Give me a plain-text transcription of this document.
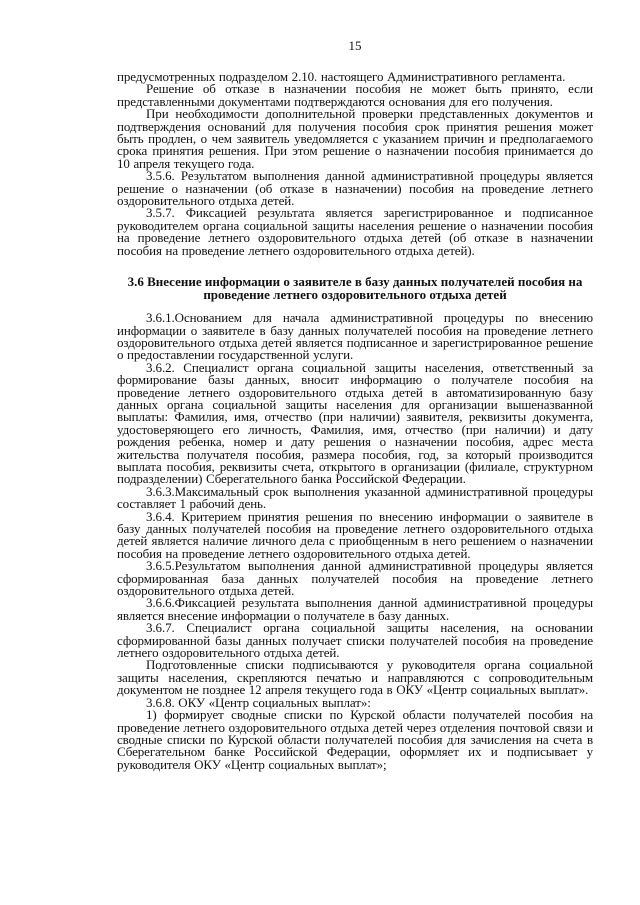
15

предусмотренных подразделом 2.10. настоящего Административного регламента.

Решение об отказе в назначении пособия не может быть принято, если представленными документами подтверждаются основания для его получения.

При необходимости дополнительной проверки представленных документов и подтверждения оснований для получения пособия срок принятия решения может быть продлен, о чем заявитель уведомляется с указанием причин и предполагаемого срока принятия решения. При этом решение о назначении пособия принимается до 10 апреля текущего года.

3.5.6. Результатом выполнения данной административной процедуры является решение о назначении (об отказе в назначении) пособия на проведение летнего оздоровительного отдыха детей.

3.5.7. Фиксацией результата является зарегистрированное и подписанное руководителем органа социальной защиты населения решение о назначении пособия на проведение летнего оздоровительного отдыха детей (об отказе в назначении пособия на проведение летнего оздоровительного отдыха детей).

3.6 Внесение информации о заявителе в базу данных получателей пособия на проведение летнего оздоровительного отдыха детей

3.6.1.Основанием для начала административной процедуры по внесению информации о заявителе в базу данных получателей пособия на проведение летнего оздоровительного отдыха детей является подписанное и зарегистрированное решение о предоставлении государственной услуги.

3.6.2. Специалист органа социальной защиты населения, ответственный за формирование базы данных, вносит информацию о получателе пособия на проведение летнего оздоровительного отдыха детей в автоматизированную базу данных органа социальной защиты населения для организации вышеназванной выплаты: Фамилия, имя, отчество (при наличии) заявителя, реквизиты документа, удостоверяющего его личность, Фамилия, имя, отчество (при наличии) и дату рождения ребенка, номер и дату решения о назначении пособия, адрес места жительства получателя пособия, размера пособия, год, за который производится выплата пособия, реквизиты счета, открытого в организации (филиале, структурном подразделении) Сберегательного банка Российской Федерации.

3.6.3.Максимальный срок выполнения указанной административной процедуры составляет 1 рабочий день.

3.6.4. Критерием принятия решения по внесению информации о заявителе в базу данных получателей пособия на проведение летнего оздоровительного отдыха детей является наличие личного дела с приобщенным в него решением о назначении пособия на проведение летнего оздоровительного отдыха детей.

3.6.5.Результатом выполнения данной административной процедуры является сформированная база данных получателей пособия на проведение летнего оздоровительного отдыха детей.

3.6.6.Фиксацией результата выполнения данной административной процедуры является внесение информации о получателе в базу данных.

3.6.7. Специалист органа социальной защиты населения, на основании сформированной базы данных получает списки получателей пособия на проведение летнего оздоровительного отдыха детей.

Подготовленные списки подписываются у руководителя органа социальной защиты населения, скрепляются печатью и направляются с сопроводительным документом не позднее 12 апреля текущего года в ОКУ «Центр социальных выплат».

3.6.8. ОКУ «Центр социальных выплат»:

1) формирует сводные списки по Курской области получателей пособия на проведение летнего оздоровительного отдыха детей через отделения почтовой связи и сводные списки по Курской области получателей пособия для зачисления на счета в Сберегательном банке Российской Федерации, оформляет их и подписывает у руководителя ОКУ «Центр социальных выплат»;
